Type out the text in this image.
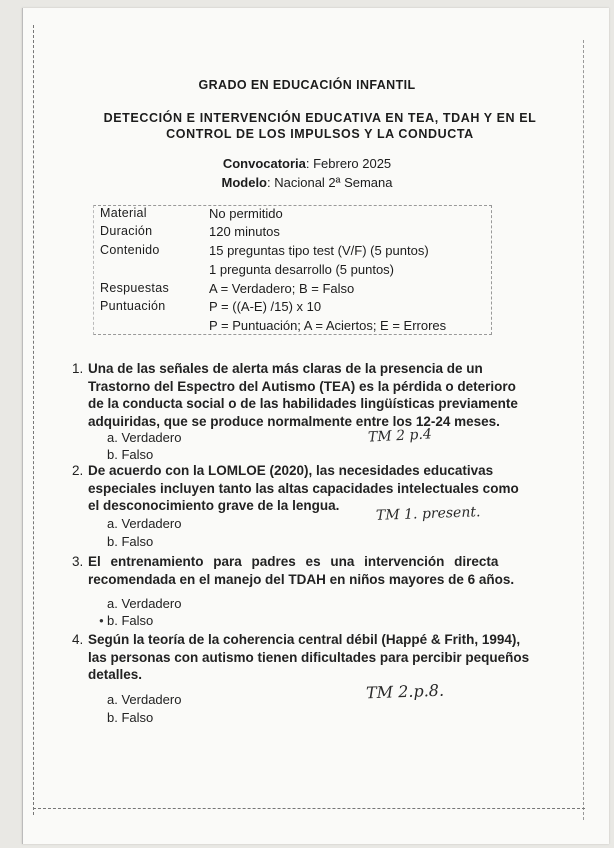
GRADO EN EDUCACIÓN INFANTIL
DETECCIÓN E INTERVENCIÓN EDUCATIVA EN TEA, TDAH Y EN EL
CONTROL DE LOS IMPULSOS Y LA CONDUCTA
Convocatoria: Febrero 2025
Modelo: Nacional 2ª Semana
Material	No permitido
Duración	120 minutos
Contenido	15 preguntas tipo test (V/F) (5 puntos)
1 pregunta desarrollo (5 puntos)
Respuestas	A = Verdadero; B = Falso
Puntuación	P = ((A-E) /15) x 10
P = Puntuación; A = Aciertos; E = Errores
1. Una de las señales de alerta más claras de la presencia de un
Trastorno del Espectro del Autismo (TEA) es la pérdida o deterioro
de la conducta social o de las habilidades lingüísticas previamente
adquiridas, que se produce normalmente entre los 12-24 meses.
a. Verdadero
b. Falso
TM 2 p.4
2. De acuerdo con la LOMLOE (2020), las necesidades educativas
especiales incluyen tanto las altas capacidades intelectuales como
el desconocimiento grave de la lengua.
a. Verdadero
b. Falso
TM 1. present.
3. El entrenamiento para padres es una intervención directa
recomendada en el manejo del TDAH en niños mayores de 6 años.
a. Verdadero
b. Falso
●
4. Según la teoría de la coherencia central débil (Happé & Frith, 1994),
las personas con autismo tienen dificultades para percibir pequeños
detalles.
a. Verdadero
b. Falso
TM 2.p.8.
